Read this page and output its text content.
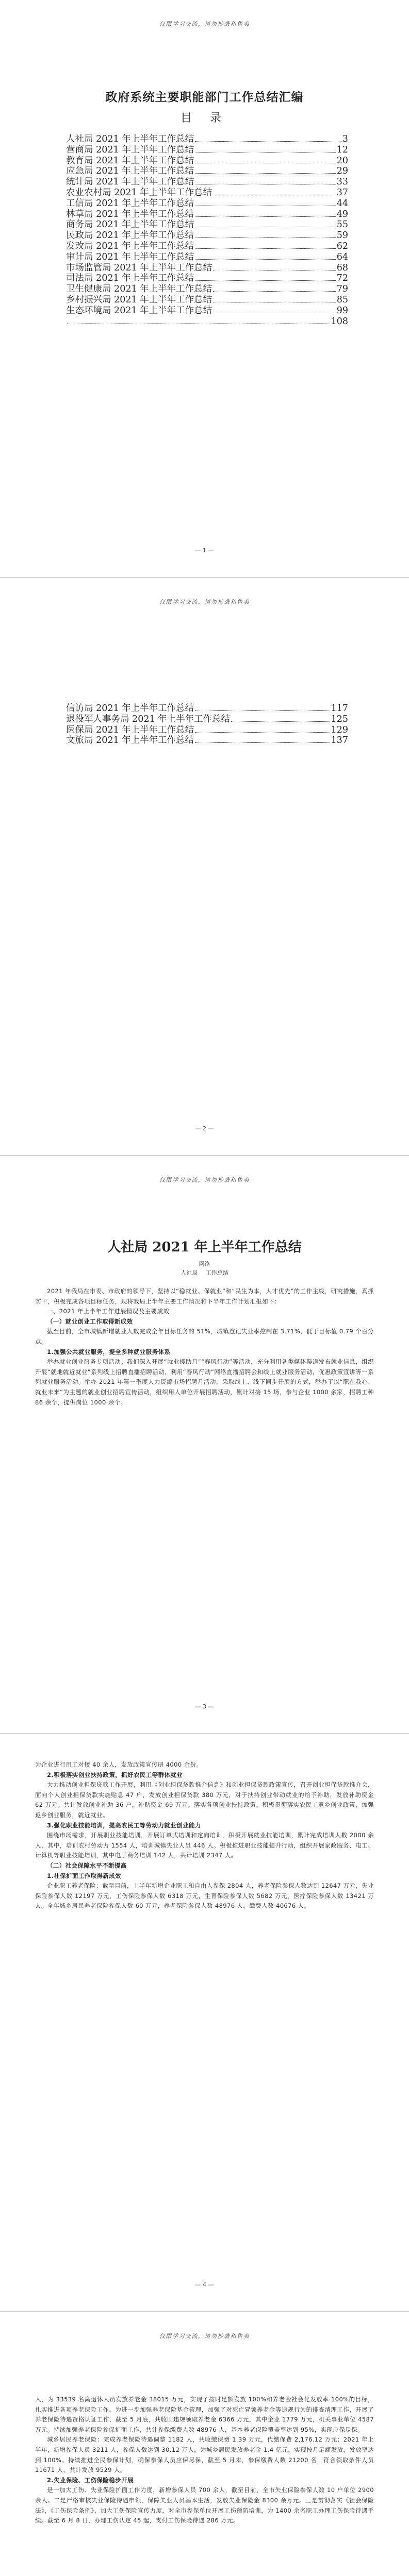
仅限学习交流，请勿抄袭和售卖
政府系统主要职能部门工作总结汇编
目 录
人社局 2021 年上半年工作总结	3
营商局 2021 年上半年工作总结	12
教育局 2021 年上半年工作总结	20
应急局 2021 年上半年工作总结	29
统计局 2021 年上半年工作总结	33
农业农村局 2021 年上半年工作总结	37
工信局 2021 年上半年工作总结	44
林草局 2021 年上半年工作总结	49
商务局 2021 年上半年工作总结	55
民政局 2021 年上半年工作总结	59
发改局 2021 年上半年工作总结	62
审计局 2021 年上半年工作总结	64
市场监管局 2021 年上半年工作总结	68
司法局 2021 年上半年工作总结	72
卫生健康局 2021 年上半年工作总结	79
乡村振兴局 2021 年上半年工作总结	85
生态环境局 2021 年上半年工作总结	99
108
— 1 —
仅限学习交流，请勿抄袭和售卖
信访局 2021 年上半年工作总结	117
退役军人事务局 2021 年上半年工作总结	125
医保局 2021 年上半年工作总结	129
文旅局 2021 年上半年工作总结	137
— 2 —
仅限学习交流，请勿抄袭和售卖
人社局 2021 年上半年工作总结
网络
人社局 工作总结

2021 年我局在市委、市政府的领导下，坚持以“稳就业、保就业”和“民生为本，人才优先”的工作主线，研究措施，真抓实干，积极完成各项目标任务，现将我局上半年主要工作情况和下半年工作计划汇报如下：

一、2021 年上半年工作进展情况及主要成效

（一）就业创业工作取得新成效

截至目前，全市城镇新增就业人数完成全年目标任务的 51%，城镇登记失业率控制在 3.71%，低于目标值 0.79 个百分点。

1.加强公共就业服务，提全多种就业服务体系

举办就业创业服务专项活动。我们深入开展“就业援助月”“春风行动”等活动，充分利用各类媒体渠道发布就业信息，组织开展“就地就近就业”系列线上招聘直播招聘活动，利用“春风行动”网络直播招聘会和线上就业服务活动，优惠政策宣讲等一系列就业服务活动。举办 2021 年第一季度人力资源市场招聘月活动，采取线上、线下同步开展的方式，举办了以“职在我心、就业未来”为主题的就业创业招聘宣传活动，组织用人单位开展招聘活动，累计对接 15 场，参与企业 1000 余家，招聘工种 86 余个，提供岗位 1000 余个。

— 3 —

为企业进行用工对接 40 余人，发放政策宣传册 4000 余份。

2.积极落实创业扶持政策，抓好农民工等群体就业

大力推动创业担保贷款工作开展，利用《创业担保贷款推介信息》和创业担保贷款政策宣传，召开创业担保贷款推介会，面向个人创业担保贷款实施贴息 47 户，发放创业担保贷款 380 万元，对于扶持创业带动就业的给予补助，发放补助资金 62 万元。共计发放创业补助 36 户，补贴资金 69 万元。落实各项创业扶持政策。积极贯彻落实农民工返乡创业政策，加强返乡创业服务，就近就业。

3.强化职业技能培训，提高农民工等劳动力就业创业能力

围绕市场需求，开展职业技能培训，开展订单式培训和定向培训，积极开展就业技能培训，累计完成培训人数 2000 余人，其中，培训农村劳动力 1554 人，培训城镇失业人员 446 人。积极推进职业技能提升行动，组织开展家政服务、电工、计算机等职业技能培训，其中电子商务培训 142 人，共计培训 2347 人。

（二）社会保障水平不断提高

1.社保扩面工作取得新成效

企业职工养老保险：截至目前，上半年新增企业职工和自由人参保 2804 人，养老保险参保人数达到 12647 万元，失业保险参保人数 12197 万元，工伤保险参保人数 6318 万元，生育保险参保人数 5682 万元，医疗保险参保人数 13421 万人。全年城乡居民养老保险参保人数 60 万元，养老保险参保人数 48976 人，缴费人数 40676 人。

— 4 —
仅限学习交流，请勿抄袭和售卖

人，为 33539 名离退休人员发放养老金 38015 万元，实现了按时足额发放 100%和养老金社会化发放率 100%的目标，扎实推进各项养老保险工作。为进一步加强养老保险基金管理，加强了对死亡冒领养老金等违规行为的排查清理工作，开展了养老保险待遇资格认证工作，截至 5 月底，共收回违规领取养老金 6366 万元，其中企业 1779 万元，机关事业单位 4587 万元。持续加强养老保险参保扩面工作，共计参保缴费人数 48976 人，基本养老保险覆盖率达到 95%，实现应保尽保。

城乡居民养老保险：完成养老保险待遇调整 1182 人，共收缴保费 1.39 万元，代缴保费 2,176.12 万元；2021 年上半年，新增参保人员 3211 人，参保人数达到 30.12 万人，为城乡居民发放养老金 1.4 亿元，实现按月足额发放，发放率达到 100%。持续推进全民参保计划，确保参保人员应保尽保，截至 5 月末，参保缴费人数 21200 名，符合领取条件人员 11671 人，共计发放 9529 人。

2.失业保险、工伤保险稳步开展

是一加大工伤、失业保险扩面工作力度，新增参保人员 700 余人，截至目前，全市失业保险参保人数 10 户单位 2900 余人。二是严格审核失业保险待遇申领，保障失业人员基本生活，发放失业保险金 8300 余万元。三是贯彻落实《社会保险法》，《工伤保险条例》，加大工伤保险宣传力度，对全市参保单位开展工伤预防培训，为 1400 余名职工办理工伤保险待遇手续。截至 6 月 8 日，办理工伤认定 45 起，支付工伤保险待遇 286 万元。
